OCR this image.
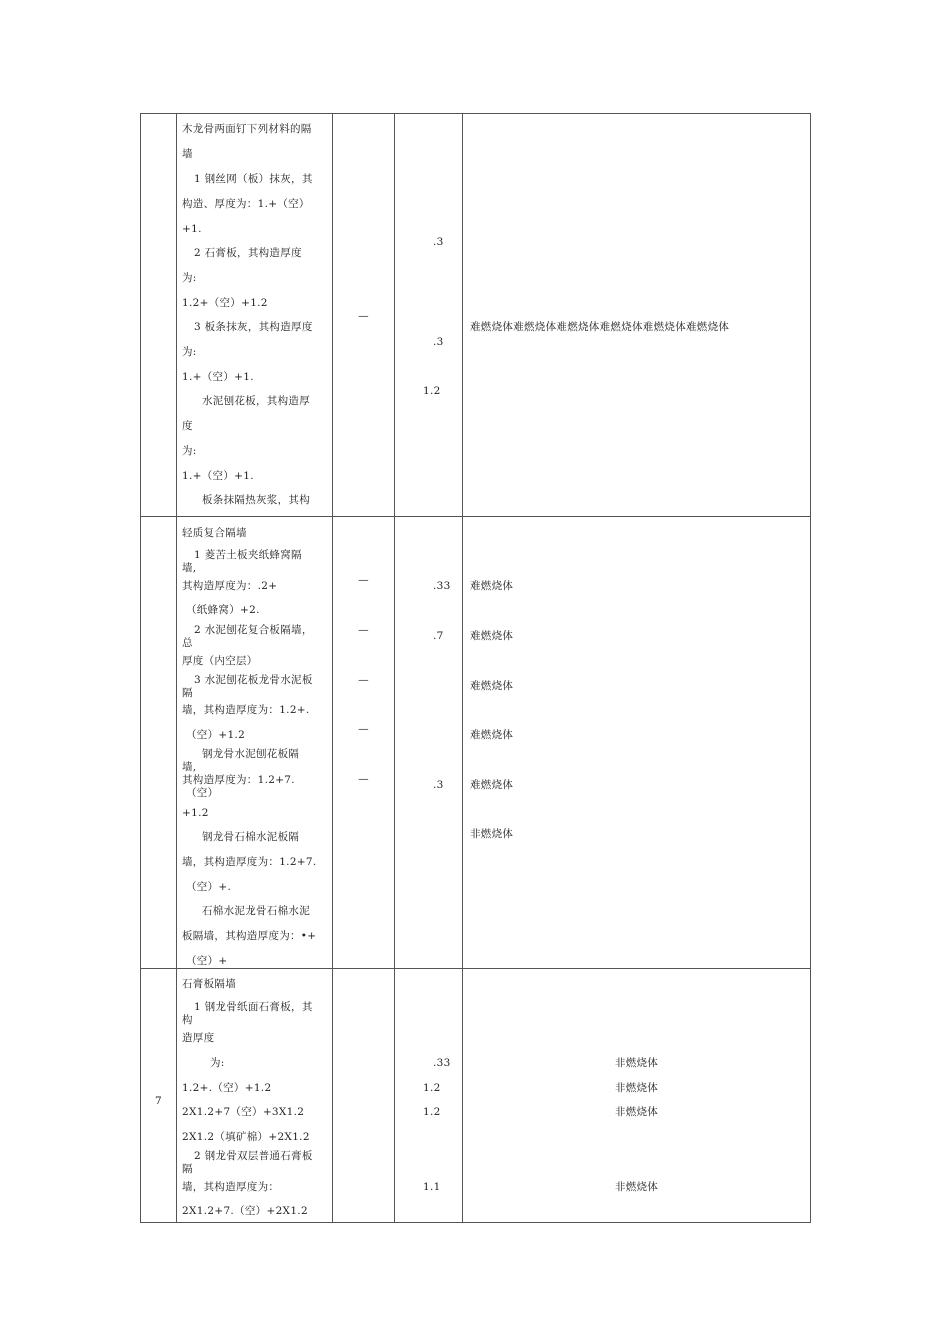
木龙骨两面钉下列材料的隔
墙
1 钢丝网（板）抹灰，其
构造、厚度为：1.+（空）
+1.
2 石膏板，其构造厚度
为:
1.2+（空）+1.2
3 板条抹灰，其构造厚度
为:
1.+（空）+1.
水泥刨花板，其构造厚
度
为:
1.+（空）+1.
板条抹隔热灰浆，其构
—
.3
.3
1.2
难燃烧体难燃烧体难燃烧体难燃烧体难燃烧体难燃烧体
轻质复合隔墙
1 菱苦土板夹纸蜂窝隔
墙,
其构造厚度为：.2+
（纸蜂窝）+2.
2 水泥刨花复合板隔墙，
总
厚度（内空层）
3 水泥刨花板龙骨水泥板
隔
墙，其构造厚度为：1.2+.
（空）+1.2
钢龙骨水泥刨花板隔
墙,
其构造厚度为：1.2+7.
（空）
+1.2
钢龙骨石棉水泥板隔
墙，其构造厚度为：1.2+7.
（空）+.
石棉水泥龙骨石棉水泥
板隔墙，其构造厚度为：•+
（空）+
—
—
—
—
—
.33
.7
.3
难燃烧体
难燃烧体
难燃烧体
难燃烧体
难燃烧体
非燃烧体
7
石膏板隔墙
1 钢龙骨纸面石膏板，其
构
造厚度
为:
1.2+.（空）+1.2
2X1.2+7（空）+3X1.2
2X1.2（填矿棉）+2X1.2
2 钢龙骨双层普通石膏板
隔
墙，其构造厚度为：
2X1.2+7.（空）+2X1.2
.33
1.2
1.2
1.1
非燃烧体
非燃烧体
非燃烧体
非燃烧体
